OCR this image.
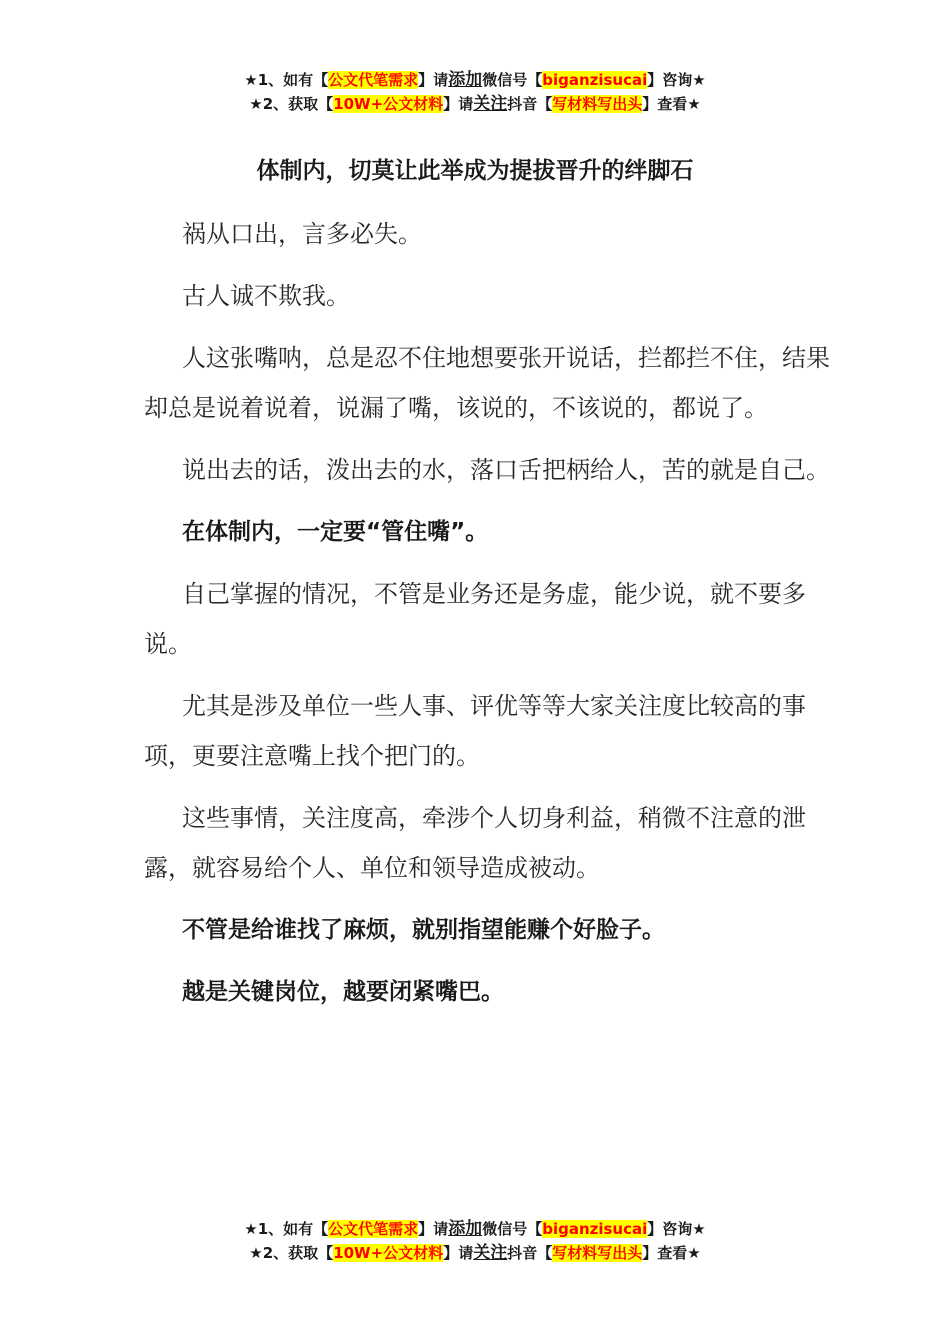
★1、如有【公文代笔需求】请添加微信号【biganzisucai】咨询★
★2、获取【10W+公文材料】请关注抖音【写材料写出头】查看★
体制内，切莫让此举成为提拔晋升的绊脚石

祸从口出，言多必失。

古人诚不欺我。

人这张嘴呐，总是忍不住地想要张开说话，拦都拦不住，结果却总是说着说着，说漏了嘴，该说的，不该说的，都说了。

说出去的话，泼出去的水，落口舌把柄给人，苦的就是自己。

在体制内，一定要“管住嘴”。

自己掌握的情况，不管是业务还是务虚，能少说，就不要多说。

尤其是涉及单位一些人事、评优等等大家关注度比较高的事项，更要注意嘴上找个把门的。

这些事情，关注度高，牵涉个人切身利益，稍微不注意的泄露，就容易给个人、单位和领导造成被动。

不管是给谁找了麻烦，就别指望能赚个好脸子。

越是关键岗位，越要闭紧嘴巴。

★1、如有【公文代笔需求】请添加微信号【biganzisucai】咨询★
★2、获取【10W+公文材料】请关注抖音【写材料写出头】查看★
